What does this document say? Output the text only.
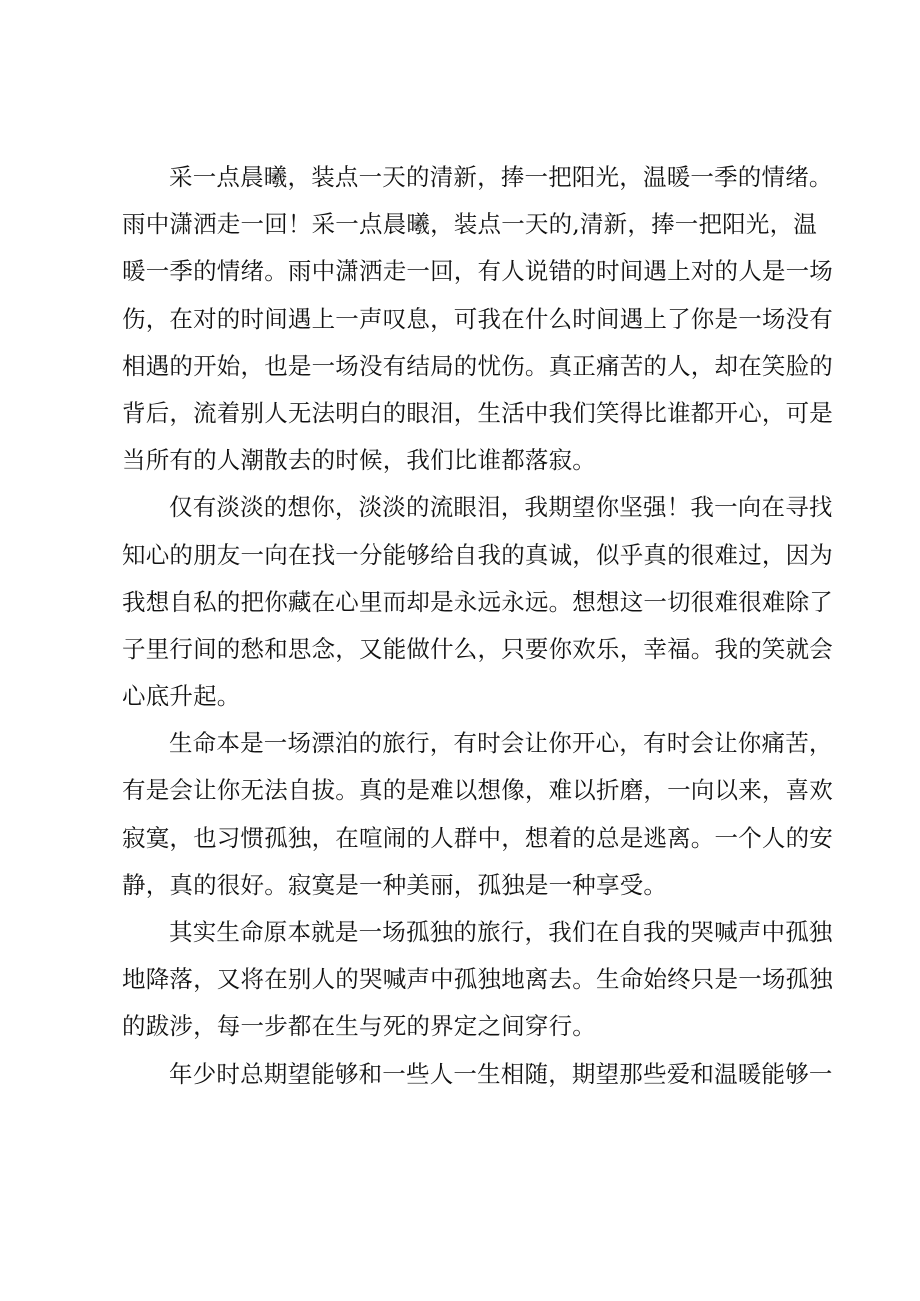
采一点晨曦，装点一天的清新，捧一把阳光，温暖一季的情绪。
雨中潇洒走一回！采一点晨曦，装点一天的,清新，捧一把阳光，温
暖一季的情绪。雨中潇洒走一回，有人说错的时间遇上对的人是一场
伤，在对的时间遇上一声叹息，可我在什么时间遇上了你是一场没有
相遇的开始，也是一场没有结局的忧伤。真正痛苦的人，却在笑脸的
背后，流着别人无法明白的眼泪，生活中我们笑得比谁都开心，可是
当所有的人潮散去的时候，我们比谁都落寂。

仅有淡淡的想你，淡淡的流眼泪，我期望你坚强！我一向在寻找
知心的朋友一向在找一分能够给自我的真诚，似乎真的很难过，因为
我想自私的把你藏在心里而却是永远永远。想想这一切很难很难除了
子里行间的愁和思念，又能做什么，只要你欢乐，幸福。我的笑就会
心底升起。

生命本是一场漂泊的旅行，有时会让你开心，有时会让你痛苦，
有是会让你无法自拔。真的是难以想像，难以折磨，一向以来，喜欢
寂寞，也习惯孤独，在喧闹的人群中，想着的总是逃离。一个人的安
静，真的很好。寂寞是一种美丽，孤独是一种享受。

其实生命原本就是一场孤独的旅行，我们在自我的哭喊声中孤独
地降落，又将在别人的哭喊声中孤独地离去。生命始终只是一场孤独
的跋涉，每一步都在生与死的界定之间穿行。

年少时总期望能够和一些人一生相随，期望那些爱和温暖能够一
